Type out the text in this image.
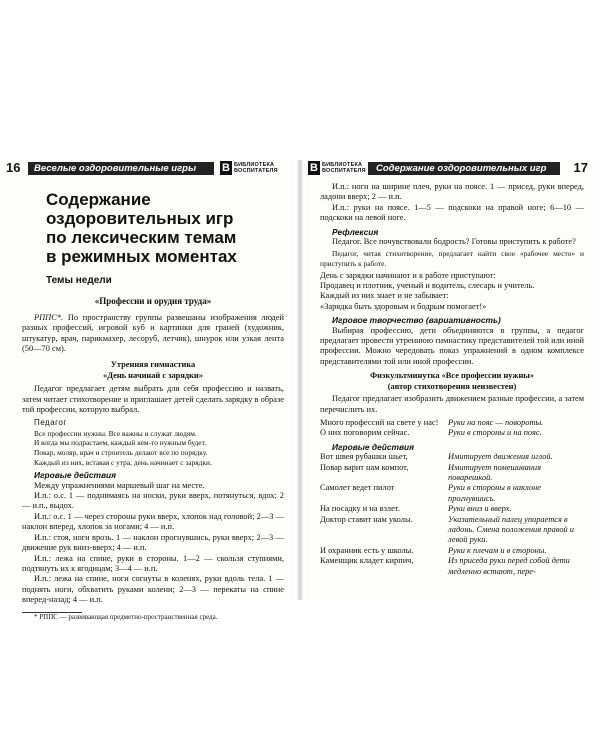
16 Веселые оздоровительные игры B БИБЛИОТЕКА
ВОСПИТАТЕЛЯ
Содержание
оздоровительных игр
по лексическим темам
в режимных моментах
Темы недели

«Профессии и орудия труда»

РППС*. По пространству группы развешаны изображения людей разных профессий, игровой куб и картинки для граней (художник, штукатур, врач, парикмахер, лесоруб, летчик), шнурок или узкая лента (50—70 см).

Утренняя гимнастика

«День начинай с зарядки»

Педагог предлагает детям выбрать для себя профессию и назвать, затем читает стихотворение и приглашает детей сделать зарядку в образе той профессии, которую выбрал.

Педагог

Все профессии нужны. Все важны и служат людям.

И когда мы подрастаем, каждый кем-то нужным будет.

Повар, моляр, врач и строитель делают все по порядку.

Каждый из них, вставая с утра, день начинает с зарядки.

Игровые действия

Между упражнениями маршевый шаг на месте.

И.п.: о.с. 1 — поднимаясь на носки, руки вверх, потянуться, вдох; 2 — и.п., выдох.

И.п.: о.с. 1 — через стороны руки вверх, хлопок над головой; 2—3 — наклон вперед, хлопок за ногами; 4 — и.п.

И.п.: стоя, ноги врозь. 1 — наклон прогнувшись, руки вверх; 2—3 — движение рук вниз-вверх; 4 — и.п.

И.п.: лежа на спине, руки в стороны. 1—2 — скользя ступнями, подтянуть их к ягодицам; 3—4 — и.п.

И.п.: лежа на спине, ноги согнуты в коленях, руки вдоль тела. 1 — поднять ноги, обхватить руками колени; 2—3 — перекаты на спине вперед-назад; 4 — и.п.

* РППС — развивающая предметно-пространственная среда.

B БИБЛИОТЕКА
ВОСПИТАТЕЛЯ Содержание оздоровительных игр 17

И.п.: ноги на ширине плеч, руки на поясе. 1 — присед, руки вперед, ладони вверх; 2 — и.п.

И.п.: руки на поясе. 1—5 — подскоки на правой ноге; 6—10 — подскоки на левой ноге.

Рефлексия

Педагог. Все почувствовали бодрость? Готовы приступить к работе?

Педагог, читая стихотворение, предлагает найти свое «рабочее место» и приступить к работе.

День с зарядки начинают и к работе приступают:

Продавец и плотник, ученый и водитель, слесарь и учитель.

Каждый из них знает и не забывает:

«Зарядка быть здоровым и бодрым помогает!»

Игровое творчество (вариативность)

Выбирая профессию, дети объединяются в группы, а педагог предлагает провести утреннюю гимнастику представителей той или иной профессии. Можно чередовать показ упражнений в одном комплексе представителями той или иной профессии.

Физкультминутка «Все профессии нужны»

(автор стихотворения неизвестен)

Педагог предлагает изобразить движением разные профессии, а затем перечислить их.

Много профессий на свете у нас!	Руки на пояс — повороты.
О них поговорим сейчас.	Руки в стороны и на пояс.

Игровые действия

Вот швея рубашки шьет,	Имитирует движения иглой.
Повар варит нам компот,	Имитирует помешивания поварешкой.
Самолет ведет пилот	Руки в стороны в наклоне прогнувшись.
На посадку и на взлет.	Руки вниз и вверх.
Доктор ставит нам уколы.	Указательный палец упирается в ладонь. Смена положения правой и левой руки.
И охранник есть у школы.	Руки к плечам и в стороны.
Каменщик кладет кирпич,	Из приседа руки перед собой дети медленно встают, пере-
